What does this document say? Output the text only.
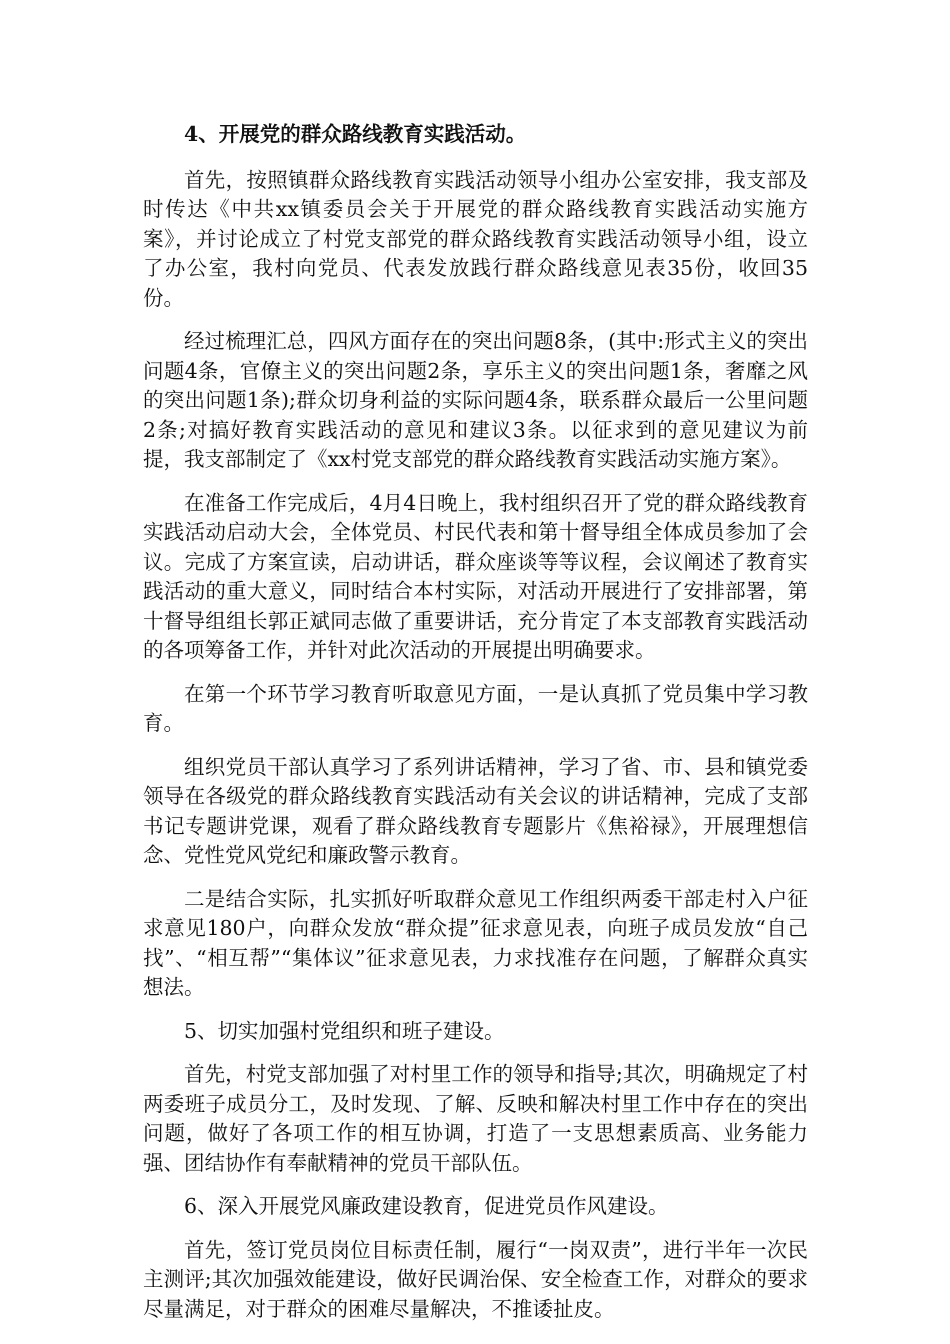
4、开展党的群众路线教育实践活动。

首先，按照镇群众路线教育实践活动领导小组办公室安排，我支部及时传达《中共xx镇委员会关于开展党的群众路线教育实践活动实施方案》，并讨论成立了村党支部党的群众路线教育实践活动领导小组，设立了办公室，我村向党员、代表发放践行群众路线意见表35份，收回35份。

经过梳理汇总，四风方面存在的突出问题8条，(其中:形式主义的突出问题4条，官僚主义的突出问题2条，享乐主义的突出问题1条，奢靡之风的突出问题1条);群众切身利益的实际问题4条，联系群众最后一公里问题2条;对搞好教育实践活动的意见和建议3条。以征求到的意见建议为前提，我支部制定了《xx村党支部党的群众路线教育实践活动实施方案》。

在准备工作完成后，4月4日晚上，我村组织召开了党的群众路线教育实践活动启动大会，全体党员、村民代表和第十督导组全体成员参加了会议。完成了方案宣读，启动讲话，群众座谈等等议程，会议阐述了教育实践活动的重大意义，同时结合本村实际，对活动开展进行了安排部署，第十督导组组长郭正斌同志做了重要讲话，充分肯定了本支部教育实践活动的各项筹备工作，并针对此次活动的开展提出明确要求。

在第一个环节学习教育听取意见方面，一是认真抓了党员集中学习教育。

组织党员干部认真学习了系列讲话精神，学习了省、市、县和镇党委领导在各级党的群众路线教育实践活动有关会议的讲话精神，完成了支部书记专题讲党课，观看了群众路线教育专题影片《焦裕禄》，开展理想信念、党性党风党纪和廉政警示教育。

二是结合实际，扎实抓好听取群众意见工作组织两委干部走村入户征求意见180户，向群众发放“群众提”征求意见表，向班子成员发放“自己找”、“相互帮”“集体议”征求意见表，力求找准存在问题，了解群众真实想法。

5、切实加强村党组织和班子建设。

首先，村党支部加强了对村里工作的领导和指导;其次，明确规定了村两委班子成员分工，及时发现、了解、反映和解决村里工作中存在的突出问题，做好了各项工作的相互协调，打造了一支思想素质高、业务能力强、团结协作有奉献精神的党员干部队伍。

6、深入开展党风廉政建设教育，促进党员作风建设。

首先，签订党员岗位目标责任制，履行“一岗双责”，进行半年一次民主测评;其次加强效能建设，做好民调治保、安全检查工作，对群众的要求尽量满足，对于群众的困难尽量解决，不推诿扯皮。
